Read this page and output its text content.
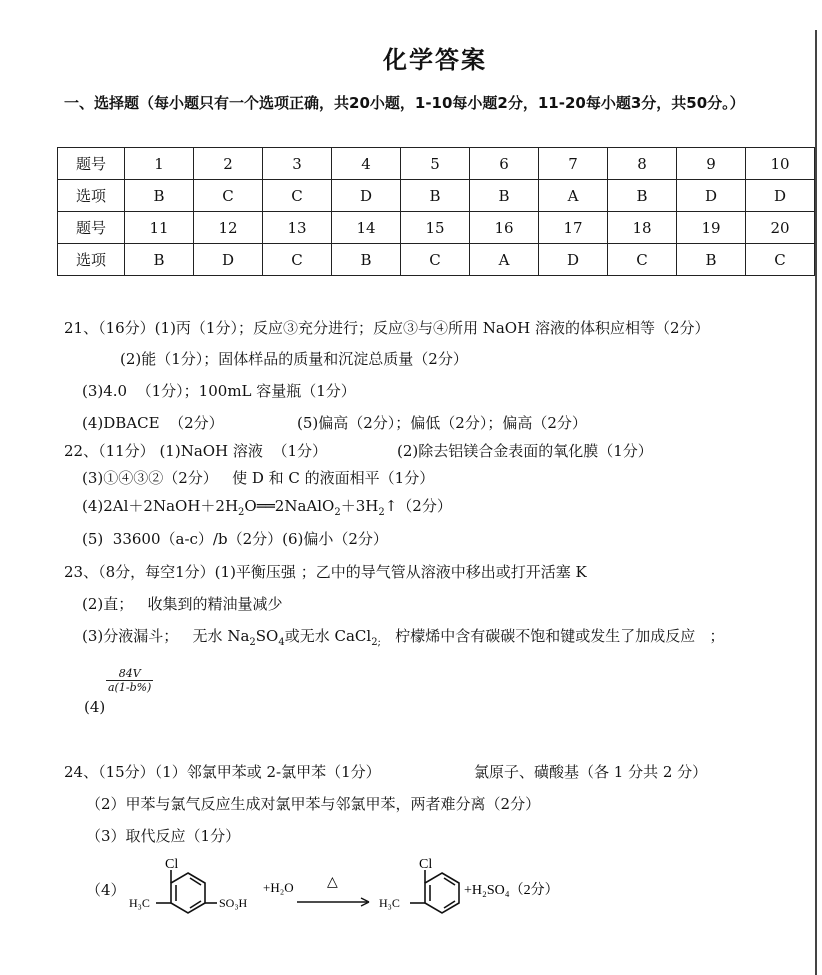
化学答案
一、选择题（每小题只有一个选项正确，共20小题，1-10每小题2分，11-20每小题3分，共50分。）
题号	1	2	3	4	5	6	7	8	9	10
选项	B	C	C	D	B	B	A	B	D	D
题号	11	12	13	14	15	16	17	18	19	20
选项	B	D	C	B	C	A	D	C	B	C
21、（16分）(1)丙（1分）；反应③充分进行；反应③与④所用 NaOH 溶液的体积应相等（2分）
(2)能（1分）；固体样品的质量和沉淀总质量（2分）
(3)4.0  （1分）；100mL 容量瓶（1分）
(4)DBACE  （2分）	(5)偏高（2分）；偏低（2分）；偏高（2分）
22、（11分） (1)NaOH 溶液  （1分）	(2)除去铝镁合金表面的氧化膜（1分）
(3)①④③②（2分）   使 D 和 C 的液面相平（1分）
$(4)2Al+2NaOH+2H_2O══2NaAlO_2+3H_2↑(2$分）
(5)  33600（a-c）/b（2分）(6)偏小（2分）
23、（8分，每空1分）(1)平衡压强 ；乙中的导气管从溶液中移出或打开活塞 K
(2)直；   收集到的精油量减少
(3)分液漏斗；   无水 $Na_2SO_4$或无水 CaCl$_{2;}$   柠檬烯中含有碳碳不饱和键或发生了加成反应   ；
(4)
$\frac{84V}{a(1-b\%)}$
24、（15分）（1）邻氯甲苯或 2-氯甲苯（1分）	氯原子、磺酸基（各 1 分共 2 分）
（2）甲苯与氯气反应生成对氯甲苯与邻氯甲苯，两者难分离（2分）
（3）取代反应（1分）
（4）
Cl
H₃C	SO₃H
+H₂O △
Cl
H₃C
+H₂SO₄（2分）
